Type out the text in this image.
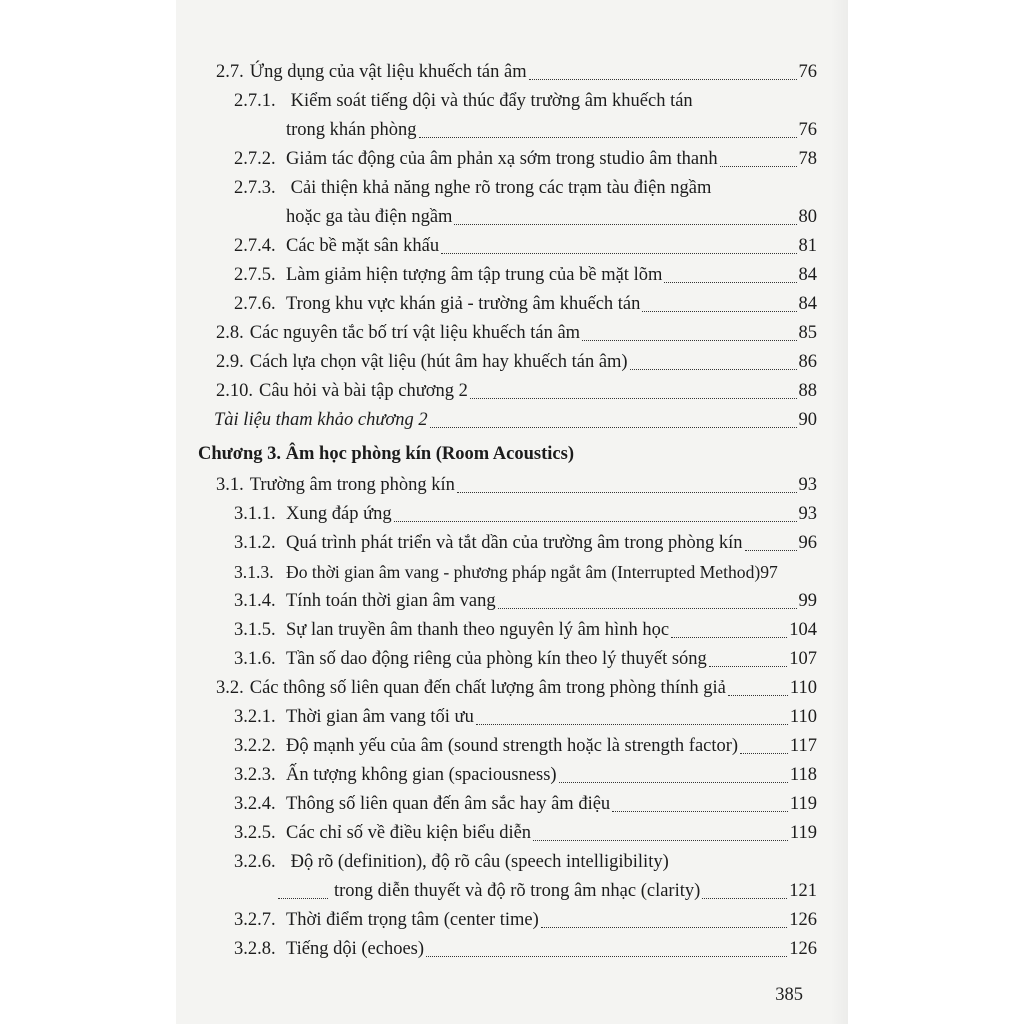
2.7. Ứng dụng của vật liệu khuếch tán âm	76
2.7.1. Kiểm soát tiếng dội và thúc đẩy trường âm khuếch tán
trong khán phòng	76
2.7.2. Giảm tác động của âm phản xạ sớm trong studio âm thanh	78
2.7.3. Cải thiện khả năng nghe rõ trong các trạm tàu điện ngầm
hoặc ga tàu điện ngầm	80
2.7.4. Các bề mặt sân khấu	81
2.7.5. Làm giảm hiện tượng âm tập trung của bề mặt lõm	84
2.7.6. Trong khu vực khán giả - trường âm khuếch tán	84
2.8. Các nguyên tắc bố trí vật liệu khuếch tán âm	85
2.9. Cách lựa chọn vật liệu (hút âm hay khuếch tán âm)	86
2.10. Câu hỏi và bài tập chương 2	88
Tài liệu tham khảo chương 2	90
Chương 3. Âm học phòng kín (Room Acoustics)
3.1. Trường âm trong phòng kín	93
3.1.1. Xung đáp ứng	93
3.1.2. Quá trình phát triển và tắt dần của trường âm trong phòng kín	96
3.1.3. Đo thời gian âm vang - phương pháp ngắt âm (Interrupted Method) 97
3.1.4. Tính toán thời gian âm vang	99
3.1.5. Sự lan truyền âm thanh theo nguyên lý âm hình học	104
3.1.6. Tần số dao động riêng của phòng kín theo lý thuyết sóng	107
3.2. Các thông số liên quan đến chất lượng âm trong phòng thính giả	110
3.2.1. Thời gian âm vang tối ưu	110
3.2.2. Độ mạnh yếu của âm (sound strength hoặc là strength factor)	117
3.2.3. Ấn tượng không gian (spaciousness)	118
3.2.4. Thông số liên quan đến âm sắc hay âm điệu	119
3.2.5. Các chỉ số về điều kiện biểu diễn	119
3.2.6. Độ rõ (definition), độ rõ câu (speech intelligibility)
trong diễn thuyết và độ rõ trong âm nhạc (clarity)	121
3.2.7. Thời điểm trọng tâm (center time)	126
3.2.8. Tiếng dội (echoes)	126
385
